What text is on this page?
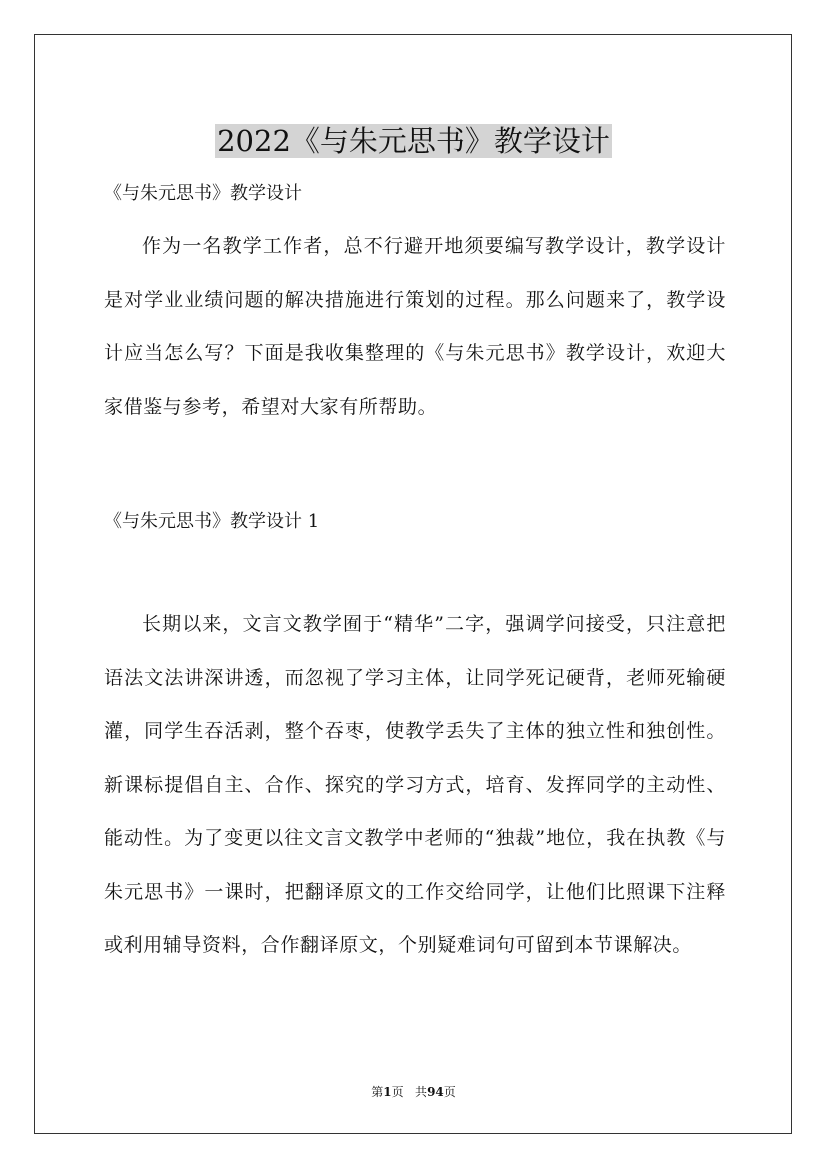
2022《与朱元思书》教学设计
《与朱元思书》教学设计

作为一名教学工作者，总不行避开地须要编写教学设计，教学设计是对学业业绩问题的解决措施进行策划的过程。那么问题来了，教学设计应当怎么写？下面是我收集整理的《与朱元思书》教学设计，欢迎大家借鉴与参考，希望对大家有所帮助。

《与朱元思书》教学设计 1

长期以来，文言文教学囿于“精华”二字，强调学问接受，只注意把语法文法讲深讲透，而忽视了学习主体，让同学死记硬背，老师死输硬灌，同学生吞活剥，整个吞枣，使教学丢失了主体的独立性和独创性。新课标提倡自主、合作、探究的学习方式，培育、发挥同学的主动性、能动性。为了变更以往文言文教学中老师的“独裁”地位，我在执教《与朱元思书》一课时，把翻译原文的工作交给同学，让他们比照课下注释或利用辅导资料，合作翻译原文，个别疑难词句可留到本节课解决。

第1页 共94页
